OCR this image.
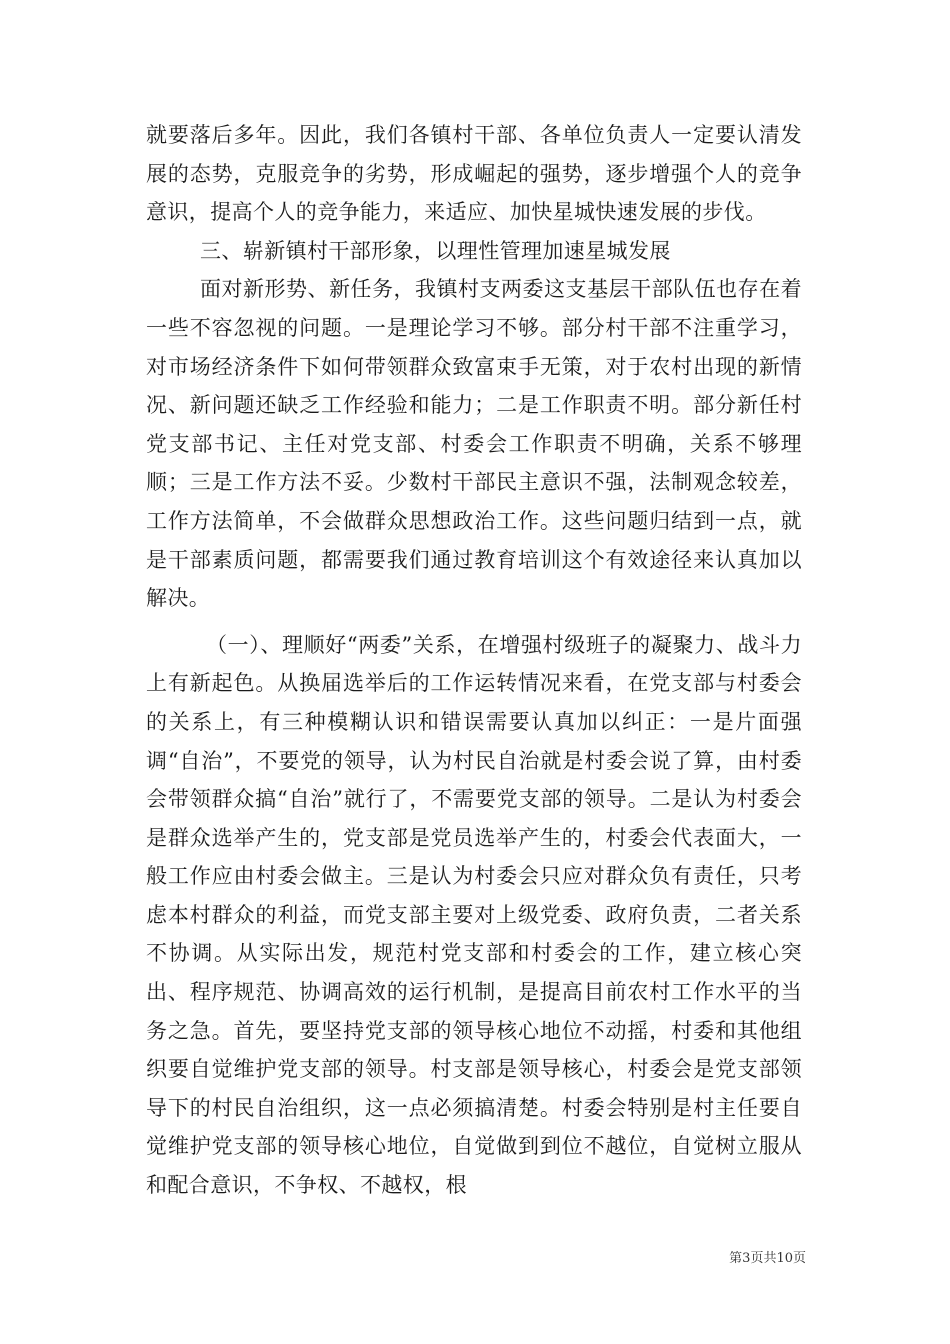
就要落后多年。因此，我们各镇村干部、各单位负责人一定要认清发展的态势，克服竞争的劣势，形成崛起的强势，逐步增强个人的竞争意识，提高个人的竞争能力，来适应、加快星城快速发展的步伐。

三、崭新镇村干部形象，以理性管理加速星城发展

面对新形势、新任务，我镇村支两委这支基层干部队伍也存在着一些不容忽视的问题。一是理论学习不够。部分村干部不注重学习，对市场经济条件下如何带领群众致富束手无策，对于农村出现的新情况、新问题还缺乏工作经验和能力；二是工作职责不明。部分新任村党支部书记、主任对党支部、村委会工作职责不明确，关系不够理顺；三是工作方法不妥。少数村干部民主意识不强，法制观念较差，工作方法简单，不会做群众思想政治工作。这些问题归结到一点，就是干部素质问题，都需要我们通过教育培训这个有效途径来认真加以解决。

（一）、理顺好“两委”关系，在增强村级班子的凝聚力、战斗力上有新起色。从换届选举后的工作运转情况来看，在党支部与村委会的关系上，有三种模糊认识和错误需要认真加以纠正：一是片面强调“自治”，不要党的领导，认为村民自治就是村委会说了算，由村委会带领群众搞“自治”就行了，不需要党支部的领导。二是认为村委会是群众选举产生的，党支部是党员选举产生的，村委会代表面大，一般工作应由村委会做主。三是认为村委会只应对群众负有责任，只考虑本村群众的利益，而党支部主要对上级党委、政府负责，二者关系不协调。从实际出发，规范村党支部和村委会的工作，建立核心突出、程序规范、协调高效的运行机制，是提高目前农村工作水平的当务之急。首先，要坚持党支部的领导核心地位不动摇，村委和其他组织要自觉维护党支部的领导。村支部是领导核心，村委会是党支部领导下的村民自治组织，这一点必须搞清楚。村委会特别是村主任要自觉维护党支部的领导核心地位，自觉做到到位不越位，自觉树立服从和配合意识，不争权、不越权，根

第3页共10页
